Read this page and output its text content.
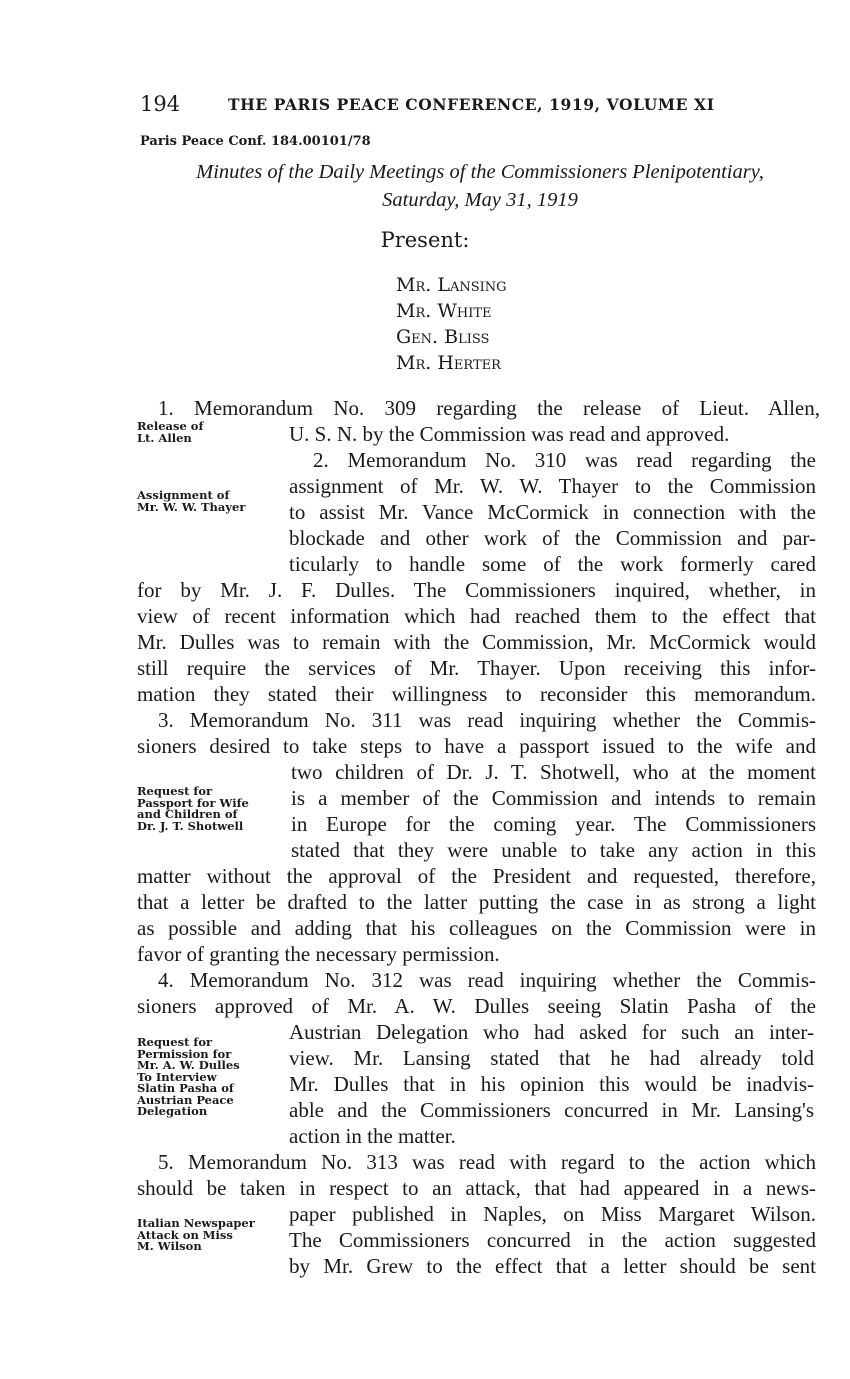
194	THE PARIS PEACE CONFERENCE, 1919, VOLUME XI
Paris Peace Conf. 184.00101/78
Minutes of the Daily Meetings of the Commissioners Plenipotentiary,
Saturday, May 31, 1919
Present:
Mr. Lansing
Mr. White
Gen. Bliss
Mr. Herter
Release of
Lt. Allen
Assignment of
Mr. W. W. Thayer
Request for
Passport for Wife
and Children of
Dr. J. T. Shotwell
Request for
Permission for
Mr. A. W. Dulles
To Interview
Slatin Pasha of
Austrian Peace
Delegation
Italian Newspaper
Attack on Miss
M. Wilson
1. Memorandum No. 309 regarding the release of Lieut. Allen,
U. S. N. by the Commission was read and approved.
2. Memorandum No. 310 was read regarding the
assignment of Mr. W. W. Thayer to the Commission
to assist Mr. Vance McCormick in connection with the
blockade and other work of the Commission and par-
ticularly to handle some of the work formerly cared
for by Mr. J. F. Dulles. The Commissioners inquired, whether, in
view of recent information which had reached them to the effect that
Mr. Dulles was to remain with the Commission, Mr. McCormick would
still require the services of Mr. Thayer. Upon receiving this infor-
mation they stated their willingness to reconsider this memorandum.
3. Memorandum No. 311 was read inquiring whether the Commis-
sioners desired to take steps to have a passport issued to the wife and
two children of Dr. J. T. Shotwell, who at the moment
is a member of the Commission and intends to remain
in Europe for the coming year. The Commissioners
stated that they were unable to take any action in this
matter without the approval of the President and requested, therefore,
that a letter be drafted to the latter putting the case in as strong a light
as possible and adding that his colleagues on the Commission were in
favor of granting the necessary permission.
4. Memorandum No. 312 was read inquiring whether the Commis-
sioners approved of Mr. A. W. Dulles seeing Slatin Pasha of the
Austrian Delegation who had asked for such an inter-
view. Mr. Lansing stated that he had already told
Mr. Dulles that in his opinion this would be inadvis-
able and the Commissioners concurred in Mr. Lansing's
action in the matter.
5. Memorandum No. 313 was read with regard to the action which
should be taken in respect to an attack, that had appeared in a news-
paper published in Naples, on Miss Margaret Wilson.
The Commissioners concurred in the action suggested
by Mr. Grew to the effect that a letter should be sent
